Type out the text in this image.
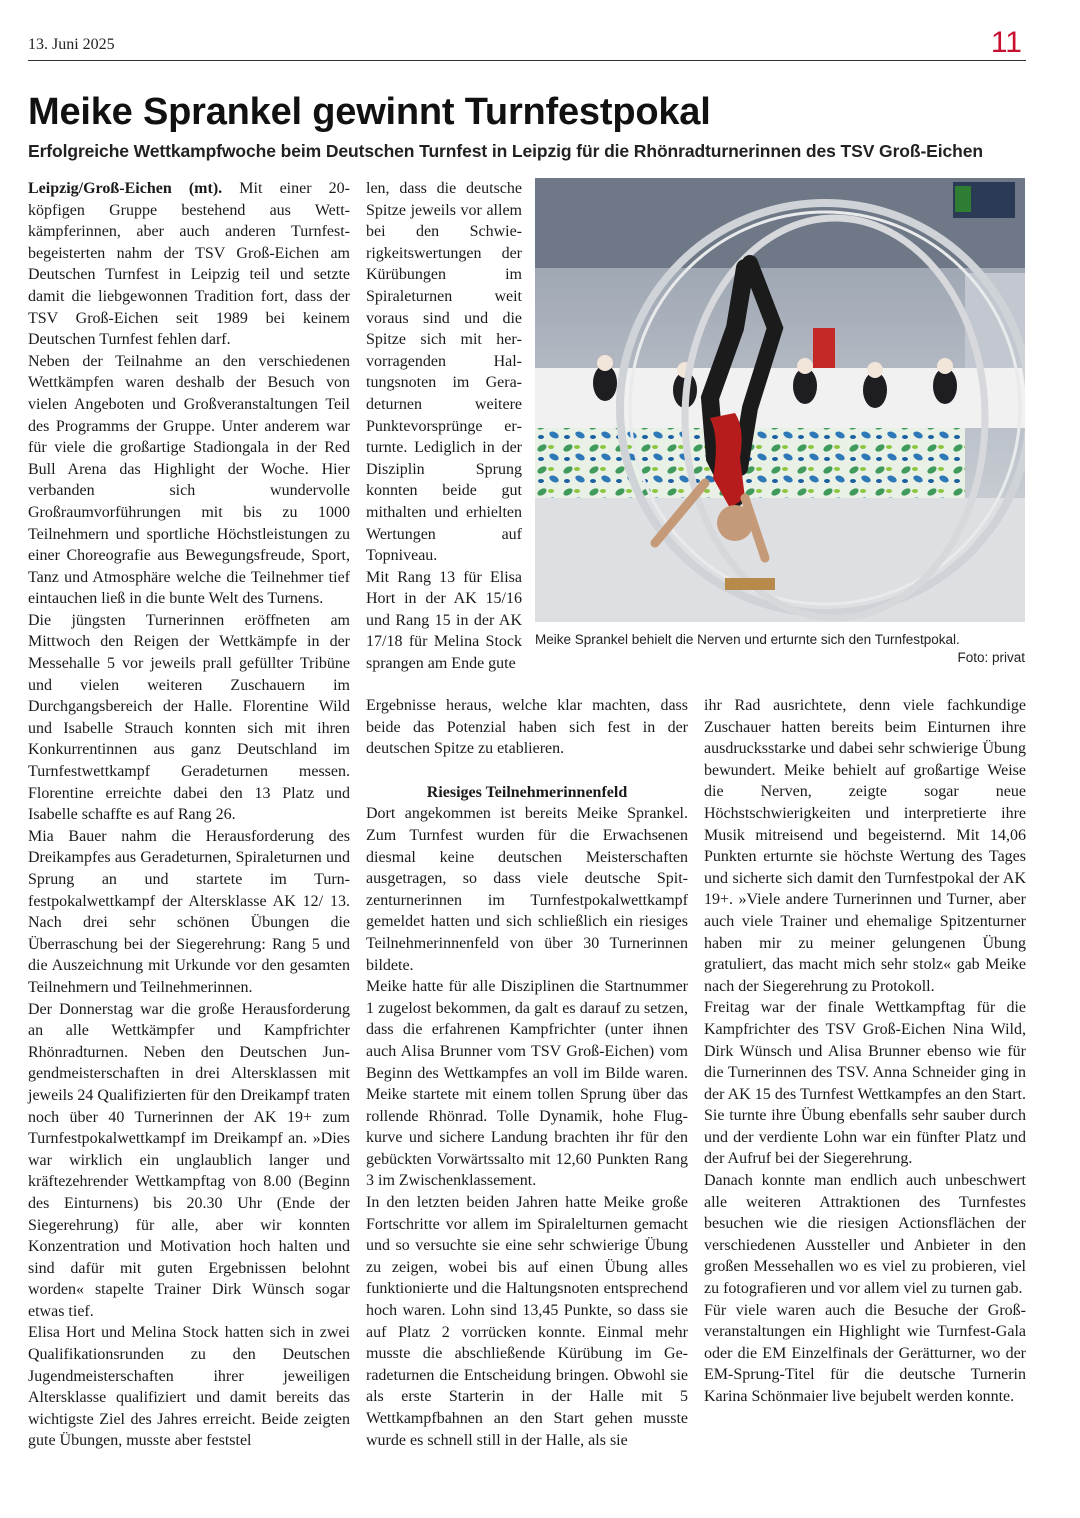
13. Juni 2025	11
Meike Sprankel gewinnt Turnfestpokal
Erfolgreiche Wettkampfwoche beim Deutschen Turnfest in Leipzig für die Rhönradturnerinnen des TSV Groß-Eichen

Leipzig/Groß-Eichen (mt). Mit einer 20-köpfigen Gruppe bestehend aus Wettkämpferinnen, aber auch anderen Turnfestbegeisterten nahm der TSV Groß-Eichen am Deutschen Turnfest in Leipzig teil und setzte damit die liebgewonnen Tradition fort, dass der TSV Groß-Eichen seit 1989 bei keinem Deutschen Turnfest fehlen darf.

Neben der Teilnahme an den verschiedenen Wettkämpfen waren deshalb der Besuch von vielen Angeboten und Großveranstaltungen Teil des Programms der Gruppe. Unter anderem war für viele die großartige Stadiongala in der Red Bull Arena das Highlight der Woche. Hier verbanden sich wundervolle Großraumvorführungen mit bis zu 1000 Teilnehmern und sportliche Höchstleistungen zu einer Choreografie aus Bewegungsfreude, Sport, Tanz und Atmosphäre welche die Teilnehmer tief eintauchen ließ in die bunte Welt des Turnens.

Die jüngsten Turnerinnen eröffneten am Mittwoch den Reigen der Wettkämpfe in der Messehalle 5 vor jeweils prall gefüllter Tribüne und vielen weiteren Zuschauern im Durchgangsbereich der Halle. Florentine Wild und Isabelle Strauch konnten sich mit ihren Konkurrentinnen aus ganz Deutschland im Turnfestwettkampf Geradeturnen messen. Florentine erreichte dabei den 13 Platz und Isabelle schaffte es auf Rang 26.

Mia Bauer nahm die Herausforderung des Dreikampfes aus Geradeturnen, Spiraleturnen und Sprung an und startete im Turnfestpokalwettkampf der Altersklasse AK 12/ 13. Nach drei sehr schönen Übungen die Überraschung bei der Siegerehrung: Rang 5 und die Auszeichnung mit Urkunde vor den gesamten Teilnehmern und Teilnehmerinnen.

Der Donnerstag war die große Herausforderung an alle Wettkämpfer und Kampfrichter Rhönradturnen. Neben den Deutschen Jungendmeisterschaften in drei Altersklassen mit jeweils 24 Qualifizierten für den Dreikampf traten noch über 40 Turnerinnen der AK 19+ zum Turnfestpokalwettkampf im Dreikampf an. »Dies war wirklich ein unglaublich langer und kräftezehrender Wettkampftag von 8.00 (Beginn des Einturnens) bis 20.30 Uhr (Ende der Siegerehrung) für alle, aber wir konnten Konzentration und Motivation hoch halten und sind dafür mit guten Ergebnissen belohnt worden« stapelte Trainer Dirk Wünsch sogar etwas tief.

Elisa Hort und Melina Stock hatten sich in zwei Qualifikationsrunden zu den Deutschen Jugendmeisterschaften ihrer jeweiligen Altersklasse qualifiziert und damit bereits das wichtigste Ziel des Jahres erreicht. Beide zeigten gute Übungen, musste aber feststel

len, dass die deutsche Spitze jeweils vor allem bei den Schwierigkeitswertungen der Kürübungen im Spiraleturnen weit voraus sind und die Spitze sich mit hervorragenden Haltungsnoten im Geradeturnen weitere Punktevorsprünge erturnte. Lediglich in der Disziplin Sprung konnten beide gut mithalten und erhielten Wertungen auf Topniveau.

Mit Rang 13 für Elisa Hort in der AK 15/16 und Rang 15 in der AK 17/18 für Melina Stock sprangen am Ende gute

Meike Sprankel behielt die Nerven und erturnte sich den Turnfestpokal.
Foto: privat

Ergebnisse heraus, welche klar machten, dass beide das Potenzial haben sich fest in der deutschen Spitze zu etablieren.

Riesiges Teilnehmerinnenfeld

Dort angekommen ist bereits Meike Sprankel. Zum Turnfest wurden für die Erwachsenen diesmal keine deutschen Meisterschaften ausgetragen, so dass viele deutsche Spitzenturnerinnen im Turnfestpokalwettkampf gemeldet hatten und sich schließlich ein riesiges Teilnehmerinnenfeld von über 30 Turnerinnen bildete.

Meike hatte für alle Disziplinen die Startnummer 1 zugelost bekommen, da galt es darauf zu setzen, dass die erfahrenen Kampfrichter (unter ihnen auch Alisa Brunner vom TSV Groß-Eichen) vom Beginn des Wettkampfes an voll im Bilde waren. Meike startete mit einem tollen Sprung über das rollende Rhönrad. Tolle Dynamik, hohe Flugkurve und sichere Landung brachten ihr für den gebückten Vorwärtssalto mit 12,60 Punkten Rang 3 im Zwischenklassement.

In den letzten beiden Jahren hatte Meike große Fortschritte vor allem im Spiralelturnen gemacht und so versuchte sie eine sehr schwierige Übung zu zeigen, wobei bis auf einen Übung alles funktionierte und die Haltungsnoten entsprechend hoch waren. Lohn sind 13,45 Punkte, so dass sie auf Platz 2 vorrücken konnte. Einmal mehr musste die abschließende Kürübung im Geradeturnen die Entscheidung bringen. Obwohl sie als erste Starterin in der Halle mit 5 Wettkampfbahnen an den Start gehen musste wurde es schnell still in der Halle, als sie

ihr Rad ausrichtete, denn viele fachkundige Zuschauer hatten bereits beim Einturnen ihre ausdrucksstarke und dabei sehr schwierige Übung bewundert. Meike behielt auf großartige Weise die Nerven, zeigte sogar neue Höchstschwierigkeiten und interpretierte ihre Musik mitreisend und begeisternd. Mit 14,06 Punkten erturnte sie höchste Wertung des Tages und sicherte sich damit den Turnfestpokal der AK 19+. »Viele andere Turnerinnen und Turner, aber auch viele Trainer und ehemalige Spitzenturner haben mir zu meiner gelungenen Übung gratuliert, das macht mich sehr stolz« gab Meike nach der Siegerehrung zu Protokoll.

Freitag war der finale Wettkampftag für die Kampfrichter des TSV Groß-Eichen Nina Wild, Dirk Wünsch und Alisa Brunner ebenso wie für die Turnerinnen des TSV. Anna Schneider ging in der AK 15 des Turnfest Wettkampfes an den Start. Sie turnte ihre Übung ebenfalls sehr sauber durch und der verdiente Lohn war ein fünfter Platz und der Aufruf bei der Siegerehrung.

Danach konnte man endlich auch unbeschwert alle weiteren Attraktionen des Turnfestes besuchen wie die riesigen Actionsflächen der verschiedenen Aussteller und Anbieter in den großen Messehallen wo es viel zu probieren, viel zu fotografieren und vor allem viel zu turnen gab.

Für viele waren auch die Besuche der Großveranstaltungen ein Highlight wie Turnfest-Gala oder die EM Einzelfinals der Gerätturner, wo der EM-Sprung-Titel für die deutsche Turnerin Karina Schönmaier live bejubelt werden konnte.
